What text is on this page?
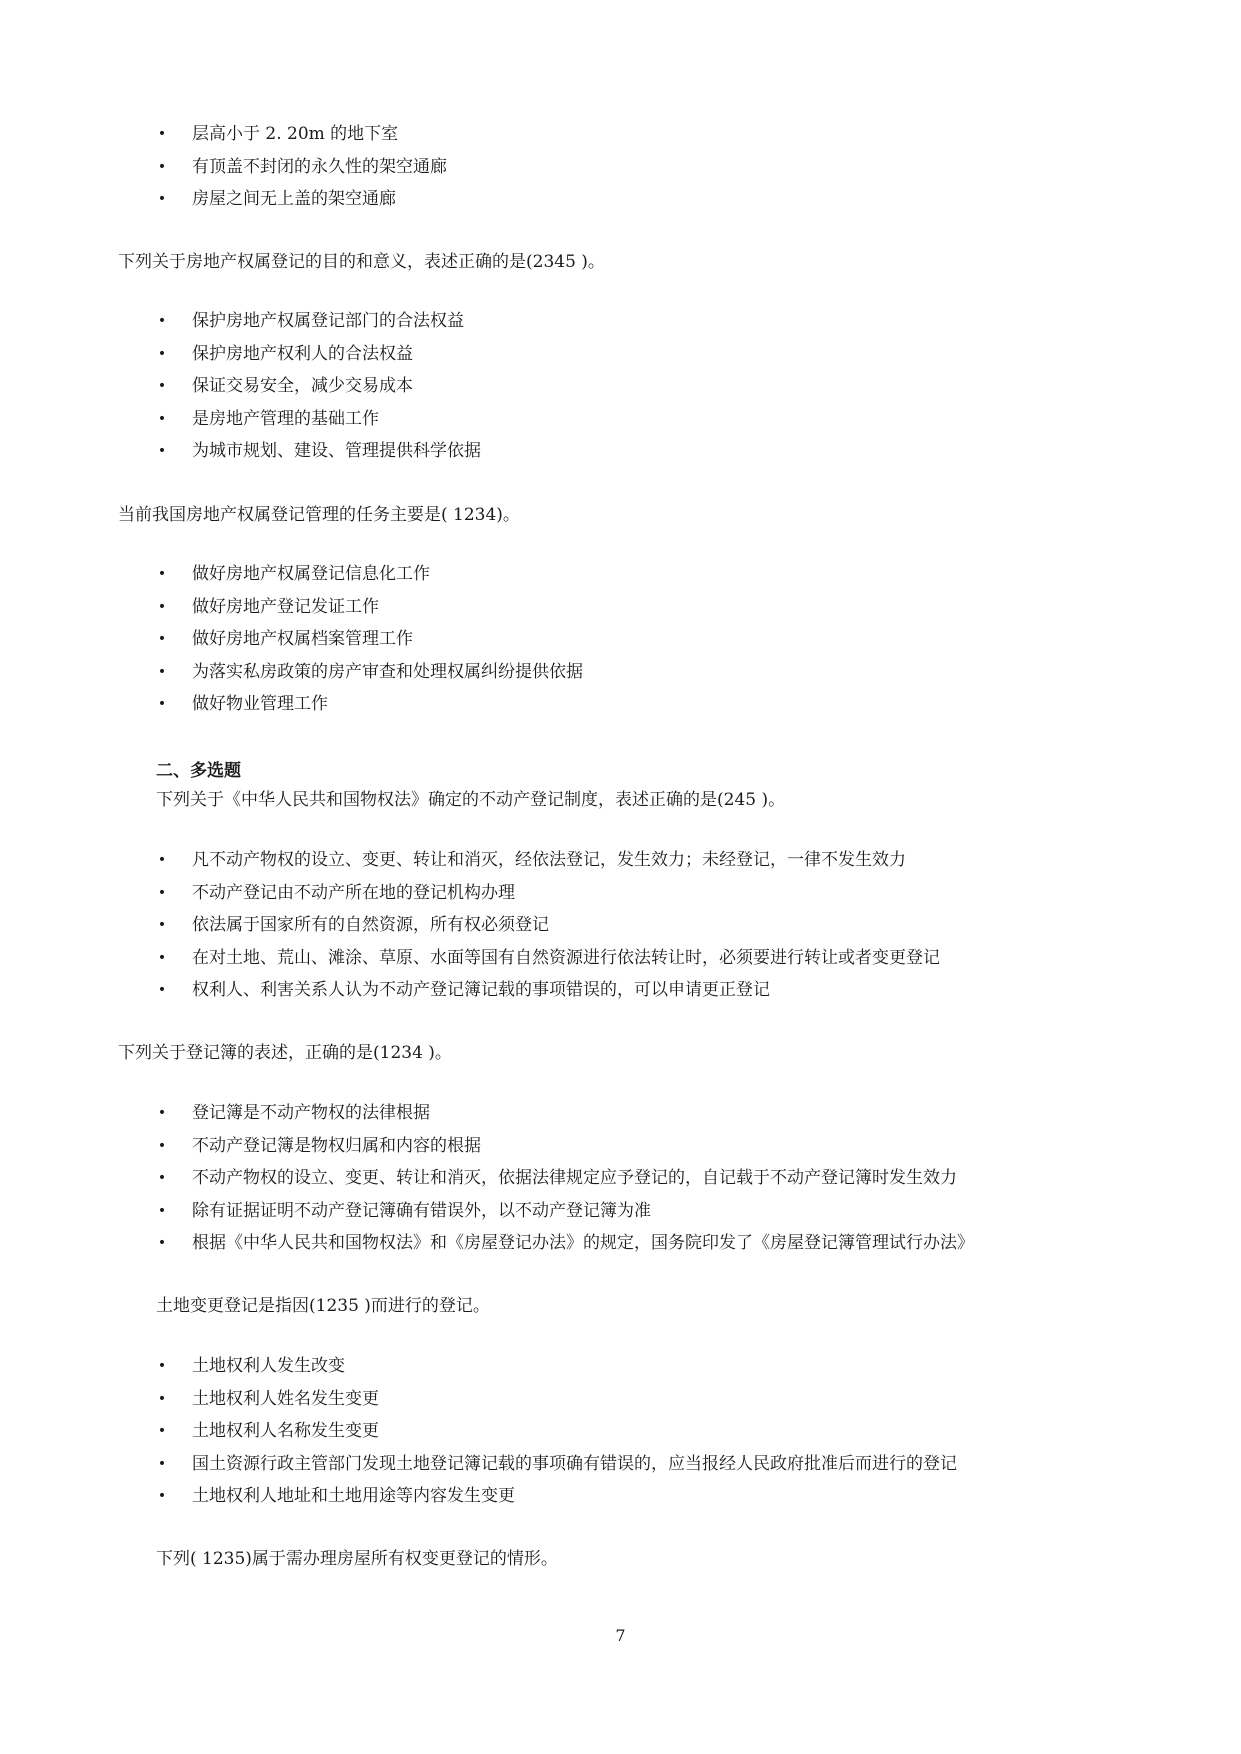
• 层高小于 2. 20m 的地下室
• 有顶盖不封闭的永久性的架空通廊
• 房屋之间无上盖的架空通廊
下列关于房地产权属登记的目的和意义，表述正确的是(2345 )。
• 保护房地产权属登记部门的合法权益
• 保护房地产权利人的合法权益
• 保证交易安全，减少交易成本
• 是房地产管理的基础工作
• 为城市规划、建设、管理提供科学依据
当前我国房地产权属登记管理的任务主要是( 1234)。
• 做好房地产权属登记信息化工作
• 做好房地产登记发证工作
• 做好房地产权属档案管理工作
• 为落实私房政策的房产审查和处理权属纠纷提供依据
• 做好物业管理工作
二、多选题
下列关于《中华人民共和国物权法》确定的不动产登记制度，表述正确的是(245 )。
• 凡不动产物权的设立、变更、转让和消灭，经依法登记，发生效力；未经登记，一律不发生效力
• 不动产登记由不动产所在地的登记机构办理
• 依法属于国家所有的自然资源，所有权必须登记
• 在对土地、荒山、滩涂、草原、水面等国有自然资源进行依法转让时，必须要进行转让或者变更登记
• 权利人、利害关系人认为不动产登记簿记载的事项错误的，可以申请更正登记
下列关于登记簿的表述，正确的是(1234 )。
• 登记簿是不动产物权的法律根据
• 不动产登记簿是物权归属和内容的根据
• 不动产物权的设立、变更、转让和消灭，依据法律规定应予登记的，自记载于不动产登记簿时发生效力
• 除有证据证明不动产登记簿确有错误外，以不动产登记簿为准
• 根据《中华人民共和国物权法》和《房屋登记办法》的规定，国务院印发了《房屋登记簿管理试行办法》
土地变更登记是指因(1235 )而进行的登记。
• 土地权利人发生改变
• 土地权利人姓名发生变更
• 土地权利人名称发生变更
• 国土资源行政主管部门发现土地登记簿记载的事项确有错误的，应当报经人民政府批准后而进行的登记
• 土地权利人地址和土地用途等内容发生变更
下列( 1235)属于需办理房屋所有权变更登记的情形。
7
